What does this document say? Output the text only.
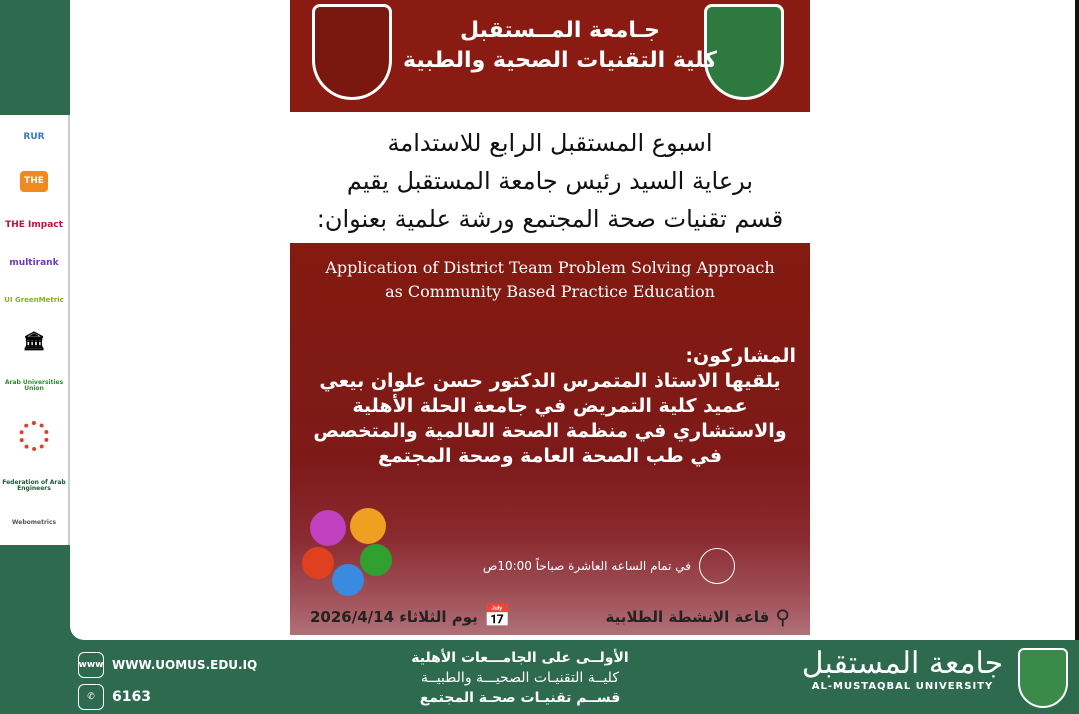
RUR
THE
THE Impact
multirank
UI GreenMetric
🏛
Arab Universities Union
Federation of Arab Engineers
Webometrics
جـامعة المــستقبل
كلية التقنيات الصحية والطبية
اسبوع المستقبل الرابع للاستدامة
برعاية السيد رئيس جامعة المستقبل يقيم
قسم تقنيات صحة المجتمع ورشة علمية بعنوان:
Application of District Team Problem Solving Approach
as Community Based Practice Education
المشاركون:
يلقيها الاستاذ المتمرس الدكتور حسن علوان بيعي
عميد كلية التمريض في جامعة الحلة الأهلية
والاستشاري في منظمة الصحة العالمية والمتخصص
في طب الصحة العامة وصحة المجتمع
في تمام الساعه العاشرة صباحاً 10:00ص
📅
يوم الثلاثاء 2026/4/14	⚲
قاعة الانشطة الطلابية
www WWW.UOMUS.EDU.IQ
✆	6163
الأولــى على الجامـــعات الأهلية
كليــة التقنيـات الصحيـــة والطبيــة
قســم تقنيـات صحـة المجتمع
جامعة المستقبل
AL-MUSTAQBAL UNIVERSITY
